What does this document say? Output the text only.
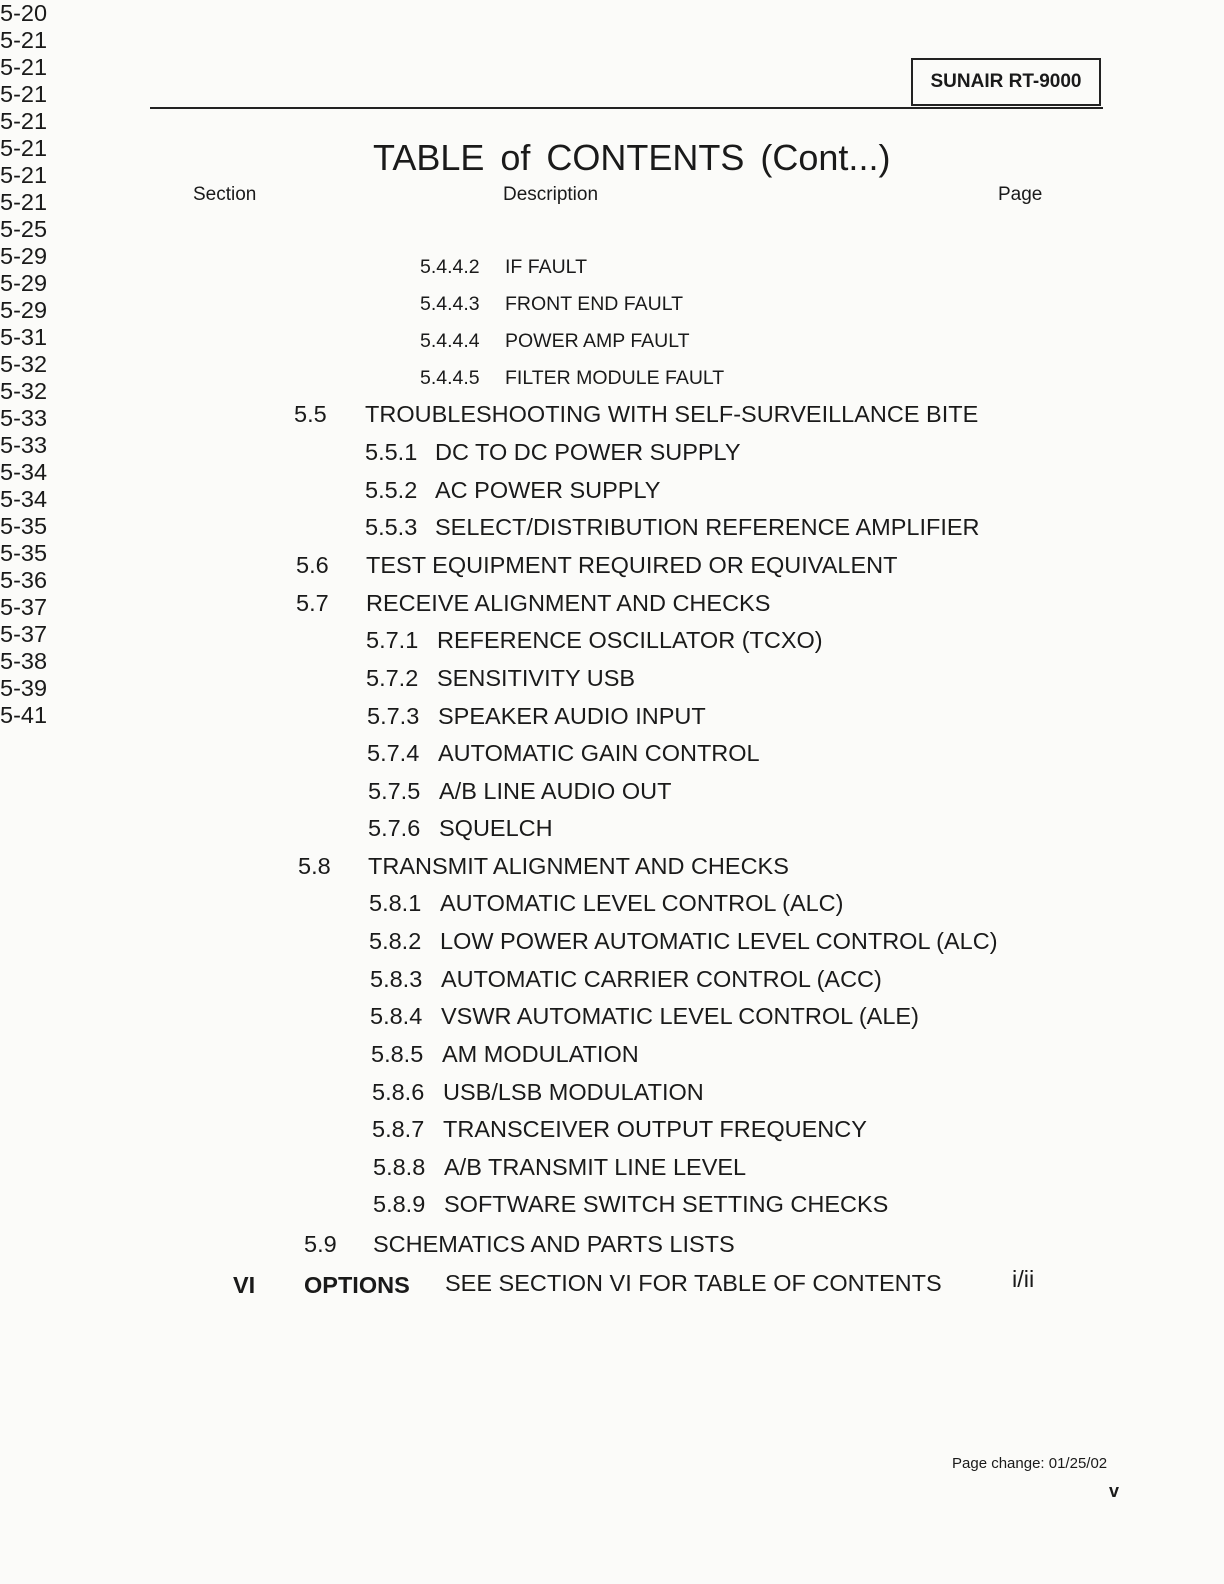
SUNAIR RT-9000
TABLE of CONTENTS (Cont...)
Section	Description	Page
5.4.4.2 IF FAULT
5-20
5.4.4.3 FRONT END FAULT
5-21
5.4.4.4 POWER AMP FAULT
5-21
5.4.4.5 FILTER MODULE FAULT
5-21
5.5 TROUBLESHOOTING WITH SELF-SURVEILLANCE BITE
5-21
5.5.1 DC TO DC POWER SUPPLY
5-21
5.5.2 AC POWER SUPPLY
5-21
5.5.3 SELECT/DISTRIBUTION REFERENCE AMPLIFIER
5-21
5.6 TEST EQUIPMENT REQUIRED OR EQUIVALENT
5-25
5.7 RECEIVE ALIGNMENT AND CHECKS
5-29
5.7.1 REFERENCE OSCILLATOR (TCXO)
5-29
5.7.2 SENSITIVITY USB
5-29
5.7.3 SPEAKER AUDIO INPUT
5-31
5.7.4 AUTOMATIC GAIN CONTROL
5-32
5.7.5 A/B LINE AUDIO OUT
5-32
5.7.6 SQUELCH
5-33
5.8 TRANSMIT ALIGNMENT AND CHECKS
5-33
5.8.1 AUTOMATIC LEVEL CONTROL (ALC)
5-34
5.8.2 LOW POWER AUTOMATIC LEVEL CONTROL (ALC)
5-34
5.8.3 AUTOMATIC CARRIER CONTROL (ACC)
5-35
5.8.4 VSWR AUTOMATIC LEVEL CONTROL (ALE)
5-35
5.8.5 AM MODULATION
5-36
5.8.6 USB/LSB MODULATION
5-37
5.8.7 TRANSCEIVER OUTPUT FREQUENCY
5-37
5.8.8 A/B TRANSMIT LINE LEVEL
5-38
5.8.9 SOFTWARE SWITCH SETTING CHECKS
5-39
5.9 SCHEMATICS AND PARTS LISTS
5-41
VI OPTIONS SEE SECTION VI FOR TABLE OF CONTENTS	i/ii
Page change: 01/25/02
v
